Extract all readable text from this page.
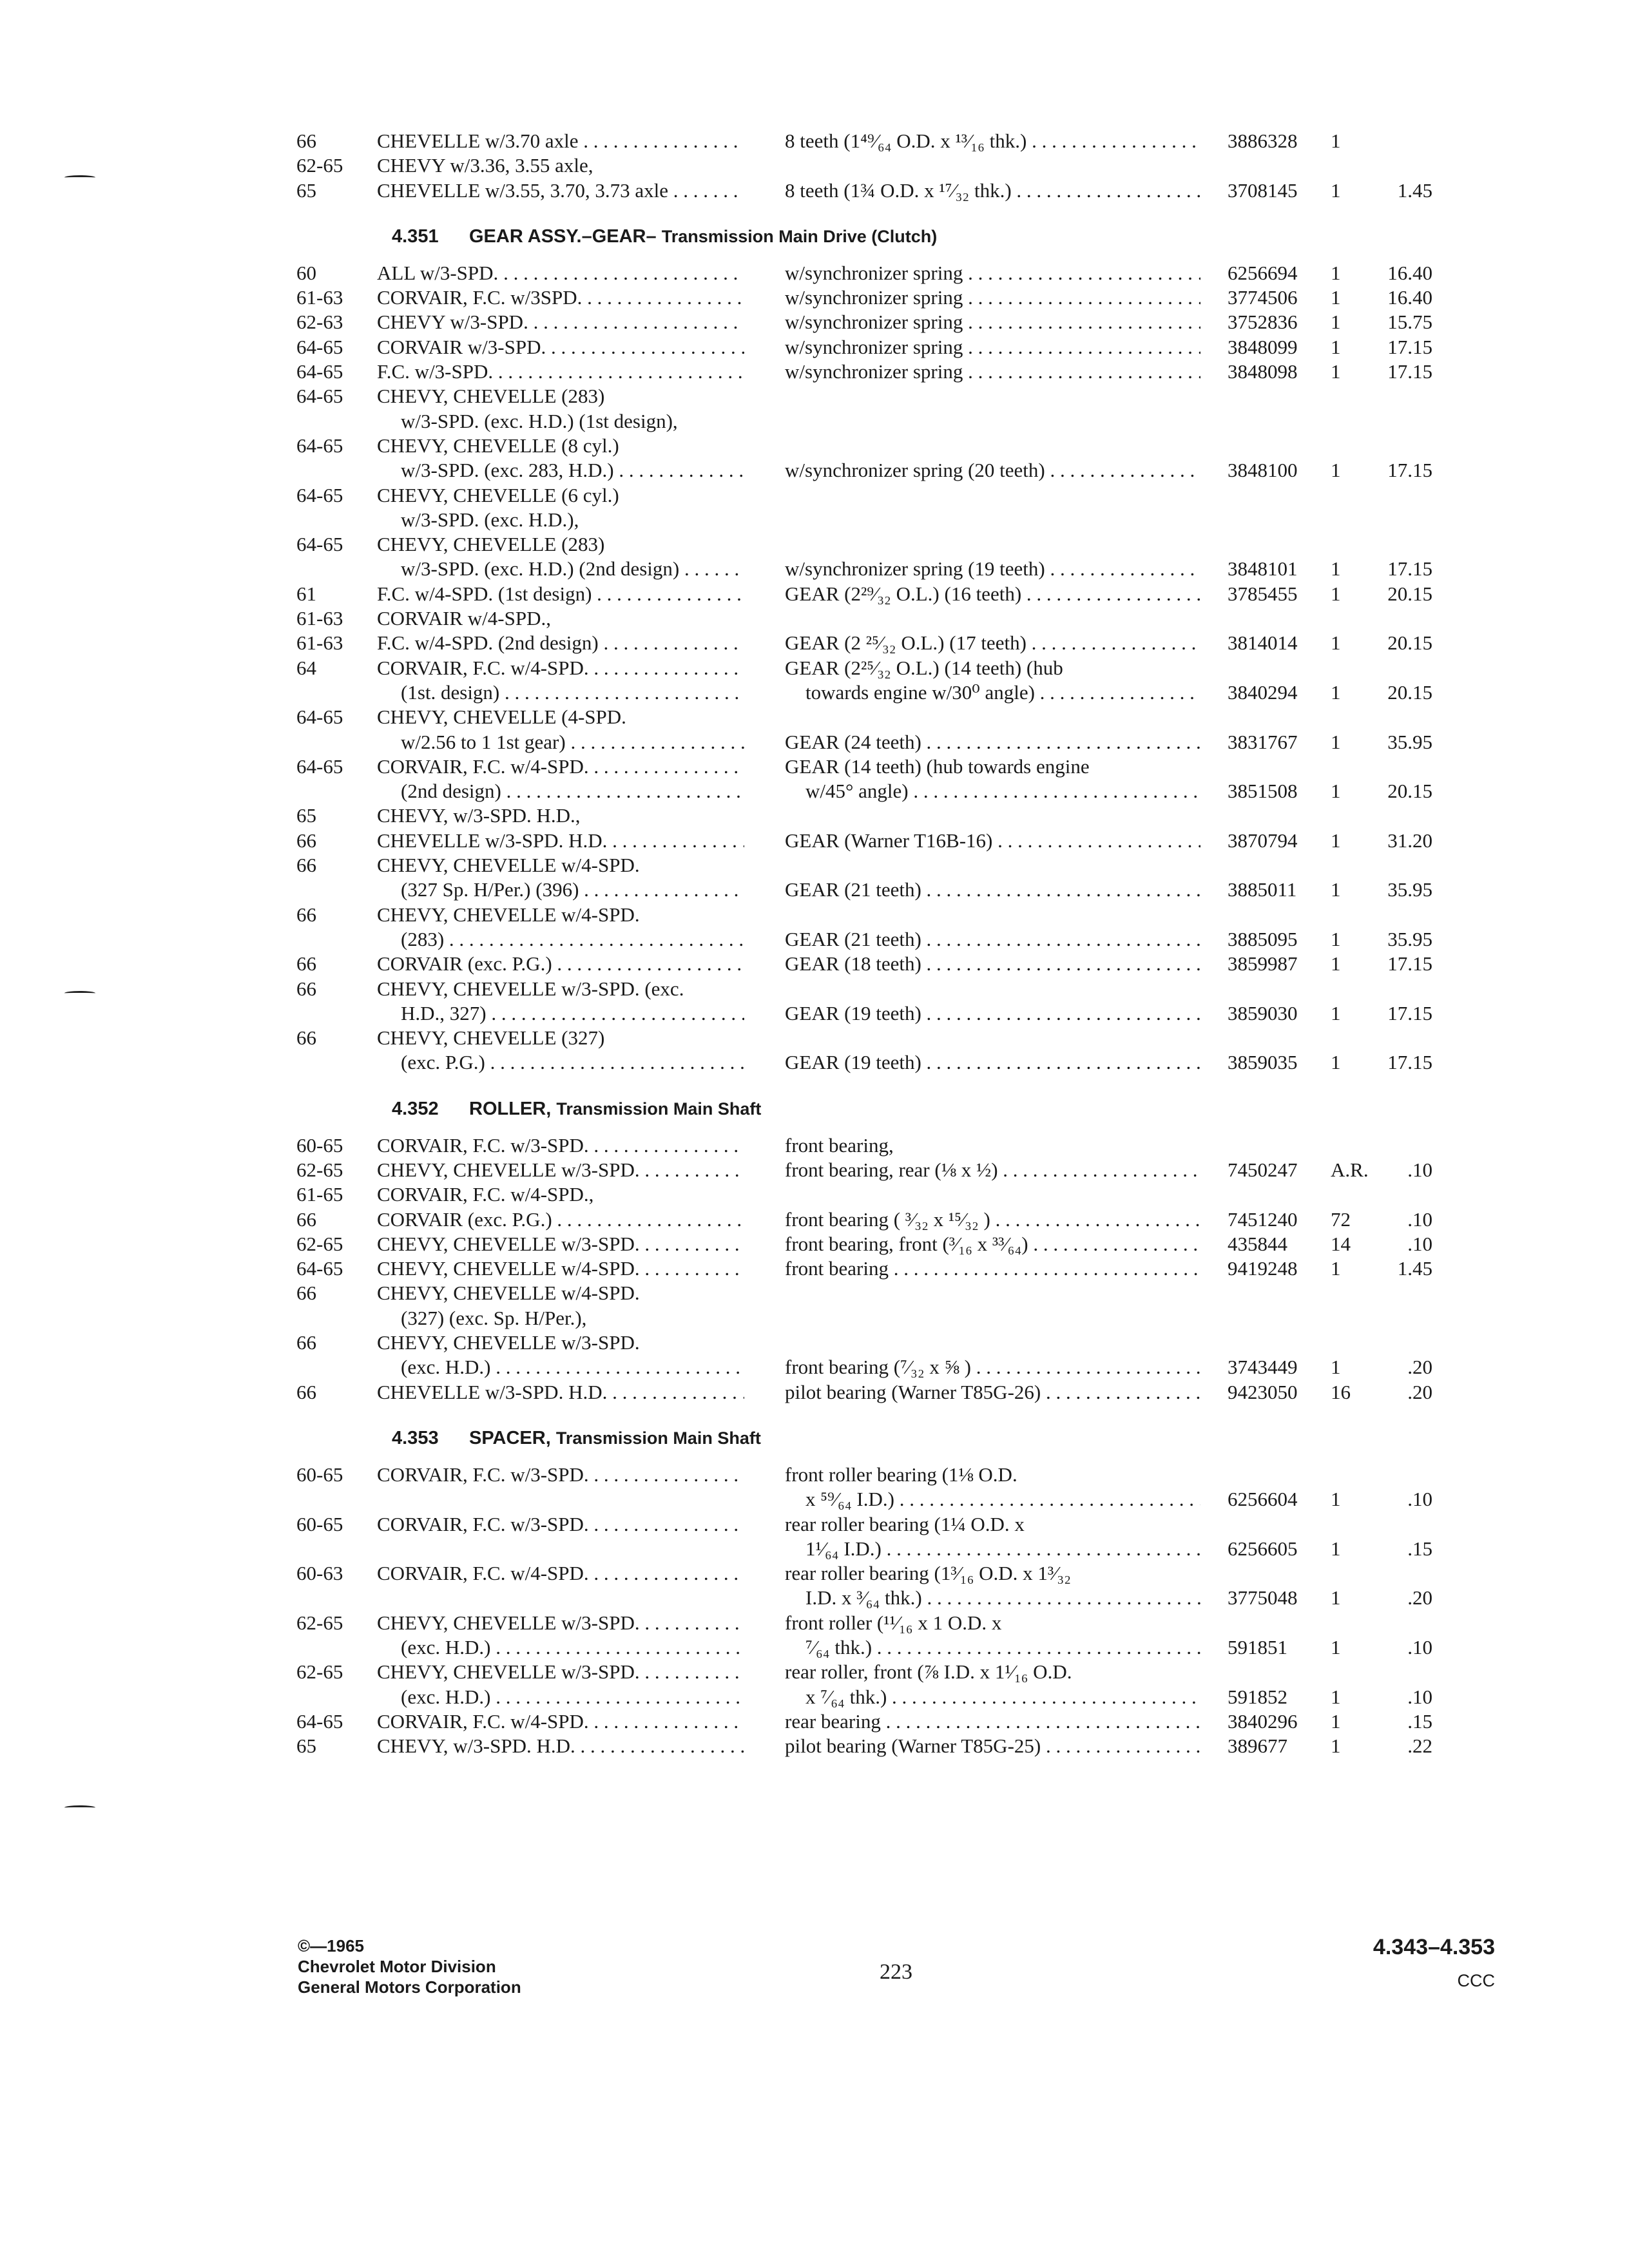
66	CHEVELLE w/3.70 axle . . .	8 teeth (1⁴⁹⁄₆₄ O.D. x ¹³⁄₁₆ thk.) . . .	3886328 1
62-65 CHEVY w/3.36, 3.55 axle,
65	CHEVELLE w/3.55, 3.70, 3.73 axle . . .	8 teeth (1¾ O.D. x ¹⁷⁄₃₂ thk.) . . .	3708145 1	1.45
4.351 GEAR ASSY.–GEAR– Transmission Main Drive (Clutch)
60	ALL w/3-SPD. . . .	w/synchronizer spring . . .	6256694 1 16.40
61-63 CORVAIR, F.C. w/3SPD. . . .	w/synchronizer spring . . .	3774506 1 16.40
62-63 CHEVY w/3-SPD. . . .	w/synchronizer spring . . .	3752836 1 15.75
64-65 CORVAIR w/3-SPD. . . .	w/synchronizer spring . . .	3848099 1 17.15
64-65 F.C. w/3-SPD. . . .	w/synchronizer spring . . .	3848098 1 17.15
64-65 CHEVY, CHEVELLE (283)
w/3-SPD. (exc. H.D.) (1st design),
64-65 CHEVY, CHEVELLE (8 cyl.)
w/3-SPD. (exc. 283, H.D.) . . .	w/synchronizer spring (20 teeth) . . .	3848100 1 17.15
64-65 CHEVY, CHEVELLE (6 cyl.)
w/3-SPD. (exc. H.D.),
64-65 CHEVY, CHEVELLE (283)
w/3-SPD. (exc. H.D.) (2nd design) . . .	w/synchronizer spring (19 teeth) . . .	3848101 1 17.15
61	F.C. w/4-SPD. (1st design) . . .	GEAR (2²⁹⁄₃₂ O.L.) (16 teeth) . . .	3785455 1 20.15
61-63 CORVAIR w/4-SPD.,
61-63 F.C. w/4-SPD. (2nd design) . . .	GEAR (2 ²⁵⁄₃₂ O.L.) (17 teeth) . . .	3814014 1 20.15
64	CORVAIR, F.C. w/4-SPD. . . .	GEAR (2²⁵⁄₃₂ O.L.) (14 teeth) (hub
(1st. design) . . .	towards engine w/30⁰ angle) . . .	3840294 1 20.15
64-65 CHEVY, CHEVELLE (4-SPD.
w/2.56 to 1 1st gear) . . .	GEAR (24 teeth) . . .	3831767 1 35.95
64-65 CORVAIR, F.C. w/4-SPD. . . .	GEAR (14 teeth) (hub towards engine
(2nd design) . . .	w/45° angle) . . .	3851508 1 20.15
65	CHEVY, w/3-SPD. H.D.,
66	CHEVELLE w/3-SPD. H.D. . . .	GEAR (Warner T16B-16) . . .	3870794 1 31.20
66	CHEVY, CHEVELLE w/4-SPD.
(327 Sp. H/Per.) (396) . . .	GEAR (21 teeth) . . .	3885011 1 35.95
66	CHEVY, CHEVELLE w/4-SPD.
(283) . . .	GEAR (21 teeth) . . .	3885095 1 35.95
66	CORVAIR (exc. P.G.) . . .	GEAR (18 teeth) . . .	3859987 1 17.15
66	CHEVY, CHEVELLE w/3-SPD. (exc.
H.D., 327) . . .	GEAR (19 teeth) . . .	3859030 1 17.15
66	CHEVY, CHEVELLE (327)
(exc. P.G.) . . .	GEAR (19 teeth) . . .	3859035 1 17.15
4.352 ROLLER, Transmission Main Shaft
60-65 CORVAIR, F.C. w/3-SPD. . . .	front bearing,
62-65 CHEVY, CHEVELLE w/3-SPD. . . .	front bearing, rear (⅛ x ½) . . .	7450247 A.R. .10
61-65 CORVAIR, F.C. w/4-SPD.,
66	CORVAIR (exc. P.G.) . . .	front bearing ( ³⁄₃₂ x ¹⁵⁄₃₂ ) . . .	7451240 72	.10
62-65 CHEVY, CHEVELLE w/3-SPD. . . .	front bearing, front (³⁄₁₆ x ³³⁄₆₄) . . .	435844 14	.10
64-65 CHEVY, CHEVELLE w/4-SPD. . . .	front bearing . . .	9419248 1	1.45
66	CHEVY, CHEVELLE w/4-SPD.
(327) (exc. Sp. H/Per.),
66	CHEVY, CHEVELLE w/3-SPD.
(exc. H.D.) . . .	front bearing (⁷⁄₃₂ x ⅝ ) . . .	3743449 1	.20
66	CHEVELLE w/3-SPD. H.D. . . .	pilot bearing (Warner T85G-26) . . .	9423050 16	.20
4.353 SPACER, Transmission Main Shaft
60-65 CORVAIR, F.C. w/3-SPD. . . .	front roller bearing (1⅛ O.D.
x ⁵⁹⁄₆₄ I.D.) . . .	6256604 1	.10
60-65 CORVAIR, F.C. w/3-SPD. . . .	rear roller bearing (1¼ O.D. x
1¹⁄₆₄ I.D.) . . .	6256605 1	.15
60-63 CORVAIR, F.C. w/4-SPD. . . .	rear roller bearing (1³⁄₁₆ O.D. x 1³⁄₃₂
I.D. x ³⁄₆₄ thk.) . . .	3775048 1	.20
62-65 CHEVY, CHEVELLE w/3-SPD. . . .	front roller (¹¹⁄₁₆ x 1 O.D. x
(exc. H.D.) . . .	⁷⁄₆₄ thk.) . . .	591851 1	.10
62-65 CHEVY, CHEVELLE w/3-SPD. . . .	rear roller, front (⅞ I.D. x 1¹⁄₁₆ O.D.
(exc. H.D.) . . .	x ⁷⁄₆₄ thk.) . . .	591852 1	.10
64-65 CORVAIR, F.C. w/4-SPD. . . .	rear bearing . . .	3840296 1	.15
65	CHEVY, w/3-SPD. H.D. . . .	pilot bearing (Warner T85G-25) . . .	389677 1	.22
©—1965
Chevrolet Motor Division
General Motors Corporation
223
4.343–4.353
CCC
